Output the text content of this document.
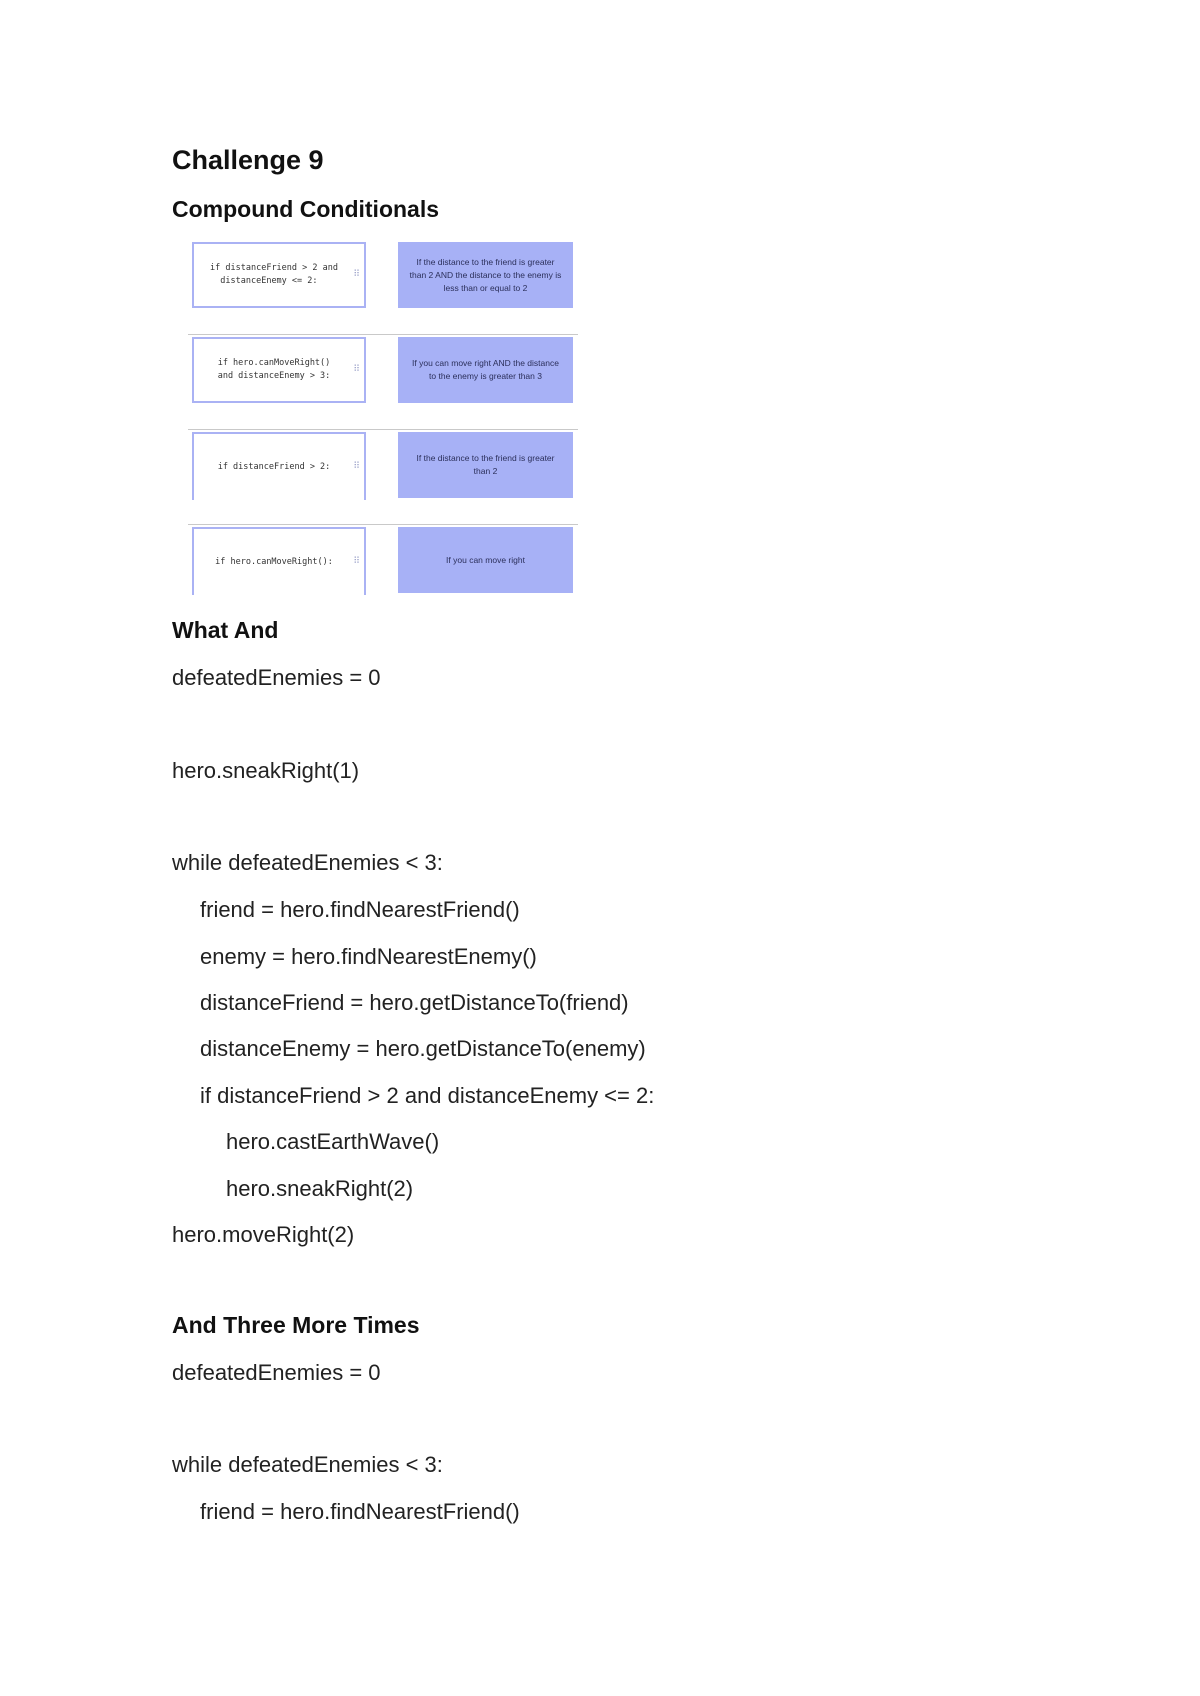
Challenge 9
Compound Conditionals
if distanceFriend > 2 and
distanceEnemy <= 2:
⠿
If the distance to the friend is greater than 2 AND the distance to the enemy is less than or equal to 2
if hero.canMoveRight()
and distanceEnemy > 3:
⠿
If you can move right AND the distance to the enemy is greater than 3
if distanceFriend > 2:	⠿
If the distance to the friend is greater than 2
if hero.canMoveRight(): ⠿	If you can move right
What And

defeatedEnemies = 0

hero.sneakRight(1)

while defeatedEnemies < 3:

friend = hero.findNearestFriend()

enemy = hero.findNearestEnemy()

distanceFriend = hero.getDistanceTo(friend)

distanceEnemy = hero.getDistanceTo(enemy)

if distanceFriend > 2 and distanceEnemy <= 2:

hero.castEarthWave()

hero.sneakRight(2)

hero.moveRight(2)

And Three More Times

defeatedEnemies = 0

while defeatedEnemies < 3:

friend = hero.findNearestFriend()
